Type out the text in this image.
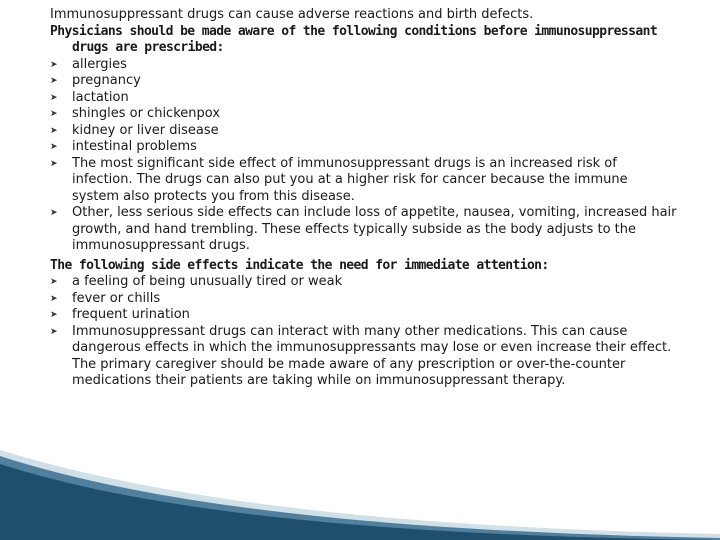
Immunosuppressant drugs can cause adverse reactions and birth defects.

Physicians should be made aware of the following conditions before immunosuppressant drugs are prescribed:

➤	allergies
➤	pregnancy
➤	lactation
➤	shingles or chickenpox
➤	kidney or liver disease
➤	intestinal problems
➤	The most significant side effect of immunosuppressant drugs is an increased risk of infection. The drugs can also put you at a higher risk for cancer because the immune system also protects you from this disease.
➤	Other, less serious side effects can include loss of appetite, nausea, vomiting, increased hair growth, and hand trembling. These effects typically subside as the body adjusts to the immunosuppressant drugs.

The following side effects indicate the need for immediate attention:

➤	a feeling of being unusually tired or weak
➤	fever or chills
➤	frequent urination
➤	Immunosuppressant drugs can interact with many other medications. This can cause dangerous effects in which the immunosuppressants may lose or even increase their effect. The primary caregiver should be made aware of any prescription or over-the-counter medications their patients are taking while on immunosuppressant therapy.
